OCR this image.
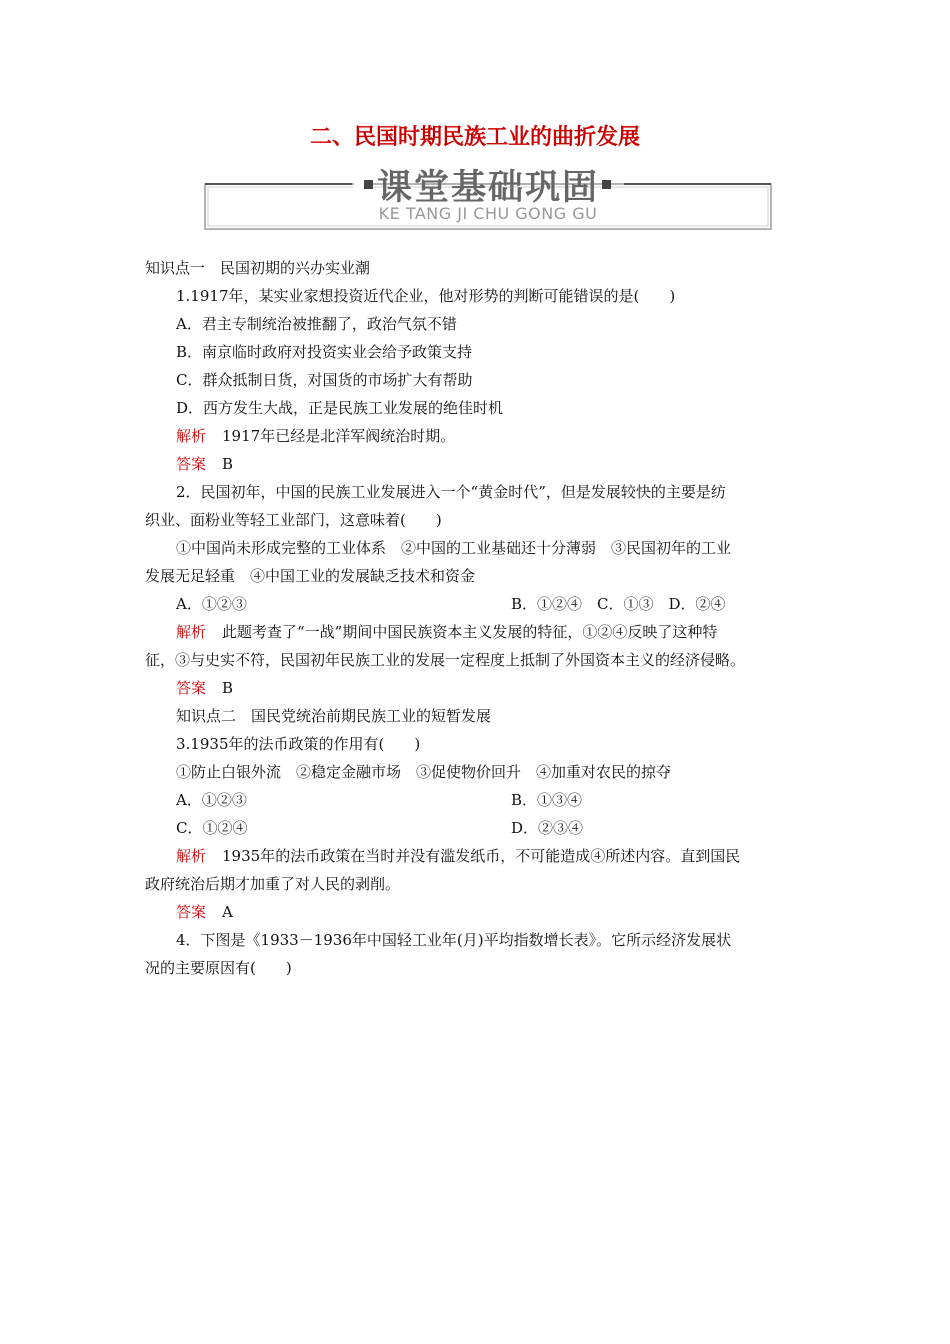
二、民国时期民族工业的曲折发展
课堂基础巩固
KE TANG JI CHU GONG GU
知识点一　民国初期的兴办实业潮
1.1917年，某实业家想投资近代企业，他对形势的判断可能错误的是(　　)
A．君主专制统治被推翻了，政治气氛不错
B．南京临时政府对投资实业会给予政策支持
C．群众抵制日货，对国货的市场扩大有帮助
D．西方发生大战，正是民族工业发展的绝佳时机
解析 1917年已经是北洋军阀统治时期。
答案 B
2．民国初年，中国的民族工业发展进入一个“黄金时代”，但是发展较快的主要是纺
织业、面粉业等轻工业部门，这意味着(　　)
①中国尚未形成完整的工业体系　②中国的工业基础还十分薄弱　③民国初年的工业
发展无足轻重　④中国工业的发展缺乏技术和资金
A．①②③	B．①②④　C．①③　D．②④
解析 此题考查了“一战”期间中国民族资本主义发展的特征，①②④反映了这种特
征，③与史实不符，民国初年民族工业的发展一定程度上抵制了外国资本主义的经济侵略。
答案 B
知识点二　国民党统治前期民族工业的短暂发展
3.1935年的法币政策的作用有(　　)
①防止白银外流　②稳定金融市场　③促使物价回升　④加重对农民的掠夺
A．①②③	B．①③④
C．①②④	D．②③④
解析 1935年的法币政策在当时并没有滥发纸币，不可能造成④所述内容。直到国民
政府统治后期才加重了对人民的剥削。
答案 A
4．下图是《1933－1936年中国轻工业年(月)平均指数增长表》。它所示经济发展状
况的主要原因有(　　)
